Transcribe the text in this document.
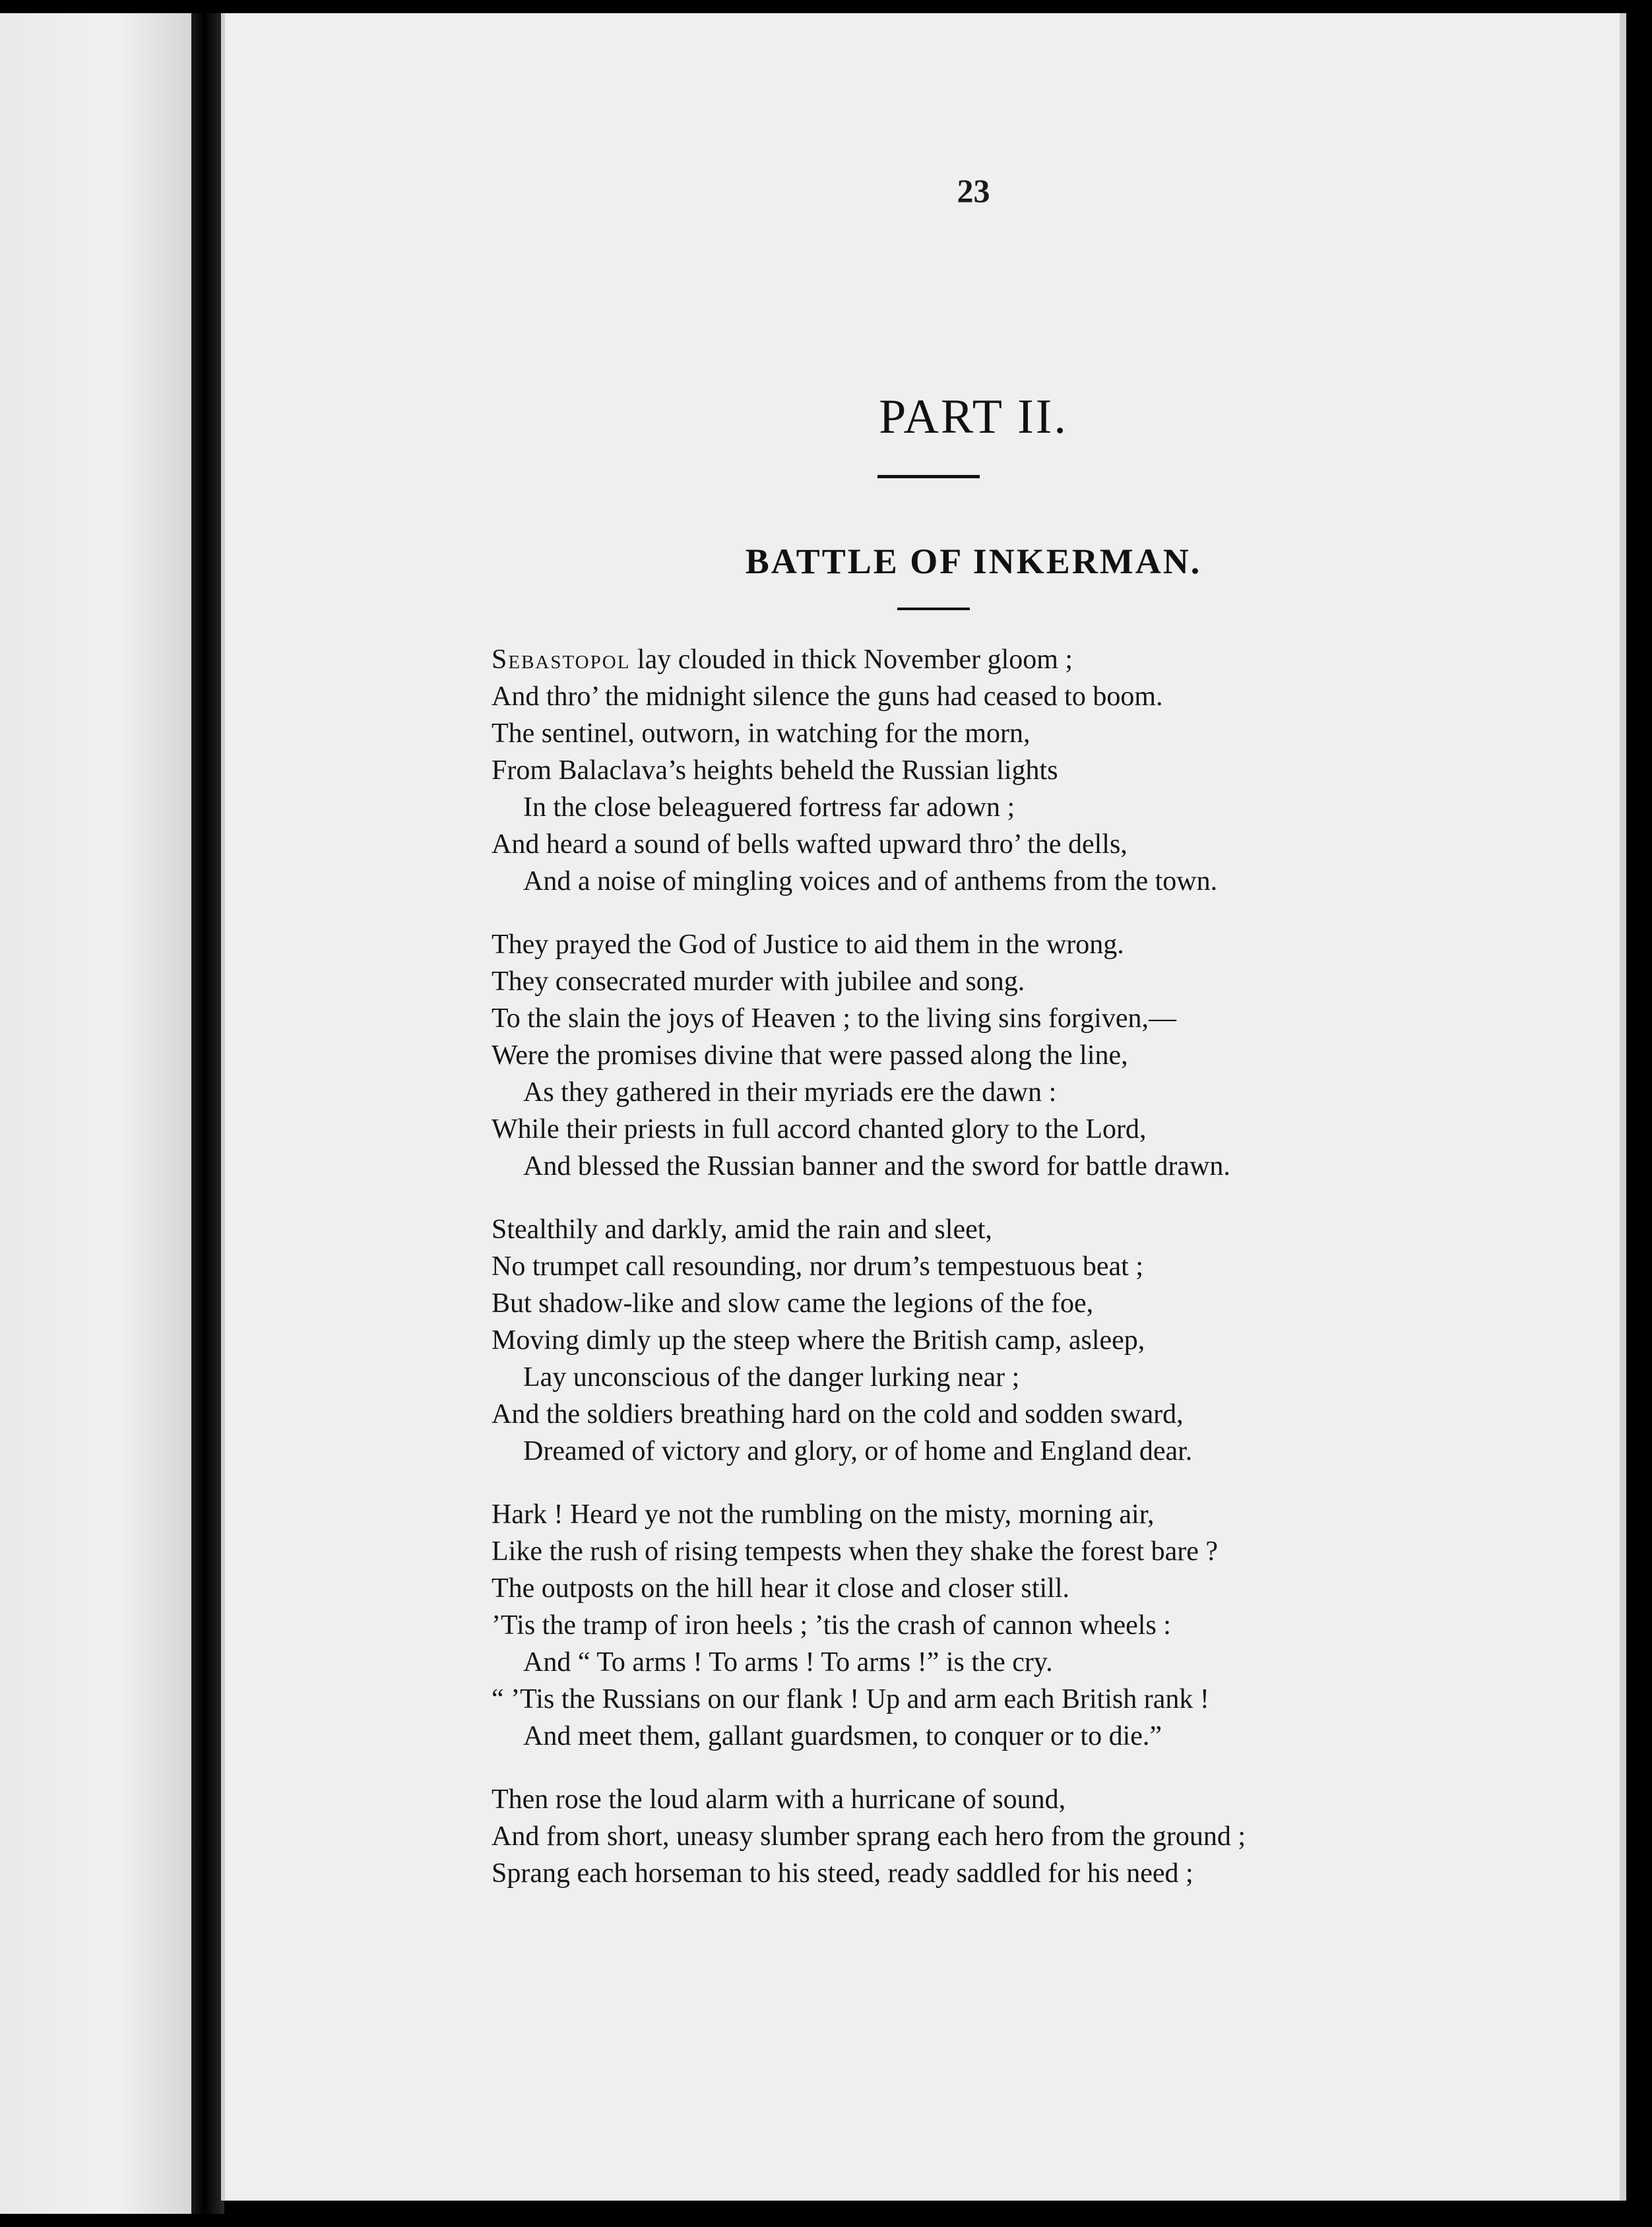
23
PART II.
BATTLE OF INKERMAN.
Sebastopol lay clouded in thick November gloom ;
And thro’ the midnight silence the guns had ceased to boom.
The sentinel, outworn, in watching for the morn,
From Balaclava’s heights beheld the Russian lights
In the close beleaguered fortress far adown ;
And heard a sound of bells wafted upward thro’ the dells,
And a noise of mingling voices and of anthems from the town.
They prayed the God of Justice to aid them in the wrong.
They consecrated murder with jubilee and song.
To the slain the joys of Heaven ; to the living sins forgiven,—
Were the promises divine that were passed along the line,
As they gathered in their myriads ere the dawn :
While their priests in full accord chanted glory to the Lord,
And blessed the Russian banner and the sword for battle drawn.
Stealthily and darkly, amid the rain and sleet,
No trumpet call resounding, nor drum’s tempestuous beat ;
But shadow-like and slow came the legions of the foe,
Moving dimly up the steep where the British camp, asleep,
Lay unconscious of the danger lurking near ;
And the soldiers breathing hard on the cold and sodden sward,
Dreamed of victory and glory, or of home and England dear.
Hark ! Heard ye not the rumbling on the misty, morning air,
Like the rush of rising tempests when they shake the forest bare ?
The outposts on the hill hear it close and closer still.
’Tis the tramp of iron heels ; ’tis the crash of cannon wheels :
And “ To arms ! To arms ! To arms !” is the cry.
“ ’Tis the Russians on our flank ! Up and arm each British rank !
And meet them, gallant guardsmen, to conquer or to die.”
Then rose the loud alarm with a hurricane of sound,
And from short, uneasy slumber sprang each hero from the ground ;
Sprang each horseman to his steed, ready saddled for his need ;
